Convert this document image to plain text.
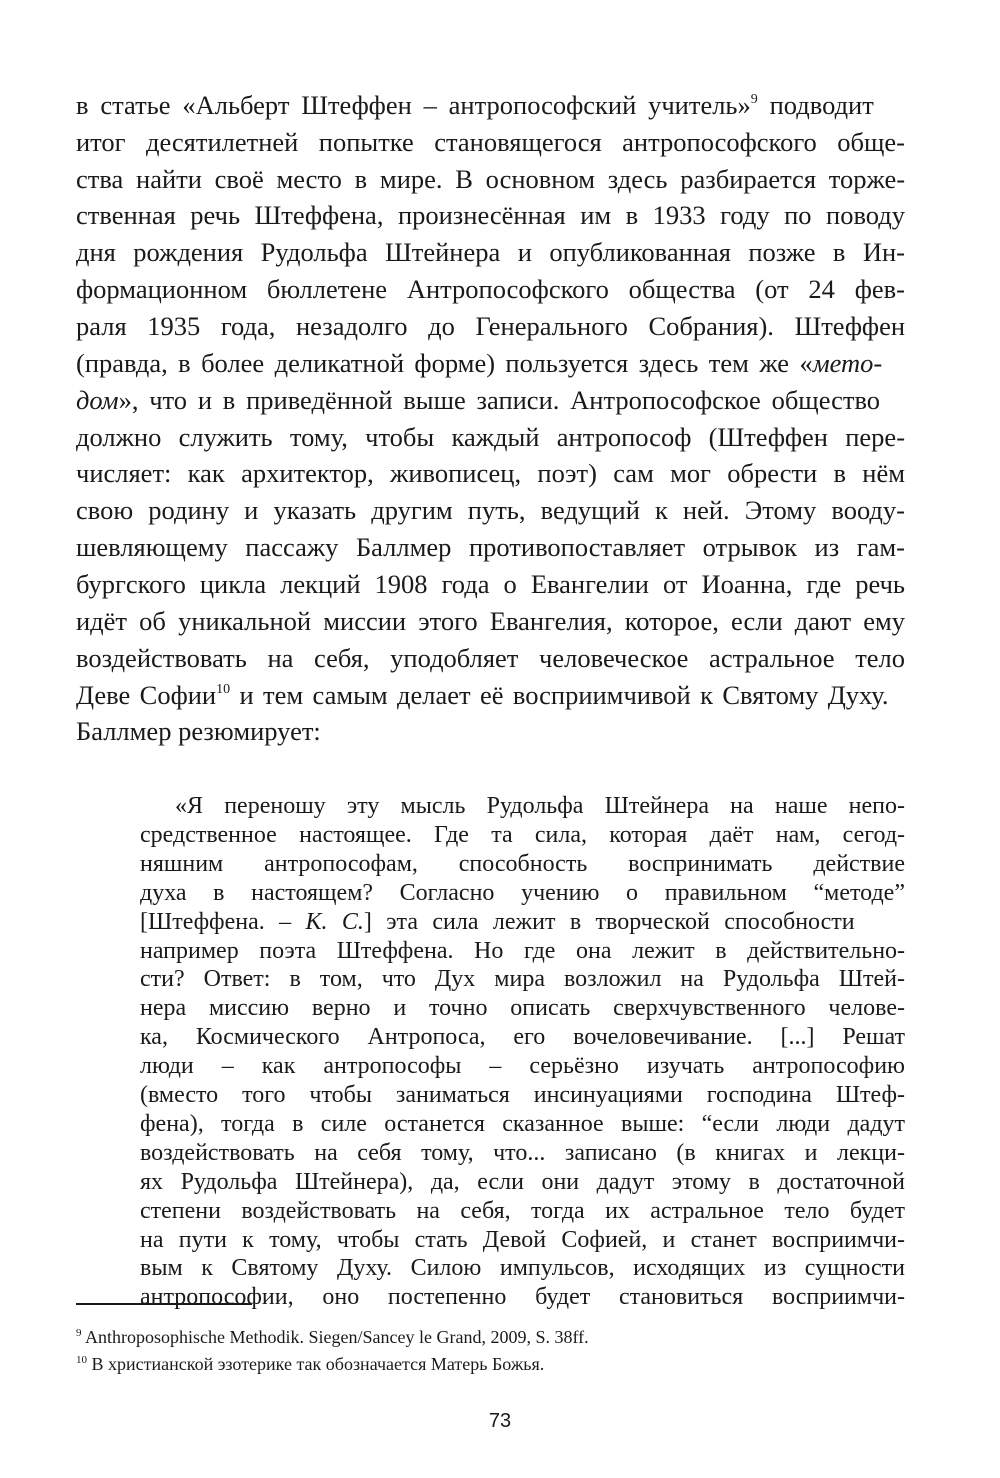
в статье «Альберт Штеффен – антропософский учитель»$^9$ подводит
итог десятилетней попытке становящегося антропософского обще-
ства найти своё место в мире. В основном здесь разбирается торже-
ственная речь Штеффена, произнесённая им в 1933 году по поводу
дня рождения Рудольфа Штейнера и опубликованная позже в Ин-
формационном бюллетене Антропософского общества (от 24 фев-
раля 1935 года, незадолго до Генерального Собрания). Штеффен
(правда, в более деликатной форме) пользуется здесь тем же «мето-
дом», что и в приведённой выше записи. Антропософское общество
должно служить тому, чтобы каждый антропософ (Штеффен пере-
числяет: как архитектор, живописец, поэт) сам мог обрести в нём
свою родину и указать другим путь, ведущий к ней. Этому вооду-
шевляющему пассажу Баллмер противопоставляет отрывок из гам-
бургского цикла лекций 1908 года о Евангелии от Иоанна, где речь
идёт об уникальной миссии этого Евангелия, которое, если дают ему
воздействовать на себя, уподобляет человеческое астральное тело
Деве Софии$^{10}$ и тем самым делает её восприимчивой к Святому Духу.
Баллмер резюмирует:
«Я переношу эту мысль Рудольфа Штейнера на наше непо-
средственное настоящее. Где та сила, которая даёт нам, сегод-
няшним антропософам, способность воспринимать действие
духа в настоящем? Согласно учению о правильном “методе”
[Штеффена. – К. С.] эта сила лежит в творческой способности
например поэта Штеффена. Но где она лежит в действительно-
сти? Ответ: в том, что Дух мира возложил на Рудольфа Штей-
нера миссию верно и точно описать сверхчувственного челове-
ка, Космического Антропоса, его вочеловечивание. [...] Решат
люди – как антропософы – серьёзно изучать антропософию
(вместо того чтобы заниматься инсинуациями господина Штеф-
фена), тогда в силе останется сказанное выше: “если люди дадут
воздействовать на себя тому, что... записано (в книгах и лекци-
$^9$ Anthroposophische Methodik. Siegen/Sancey le Grand, 2009, S. 38ff.
$^{10}$ В христианской эзотерике так обозначается Матерь Божья.
73
ях Рудольфа Штейнера), да, если они дадут этому в достаточной
степени воздействовать на себя, тогда их астральное тело будет
на пути к тому, чтобы стать Девой Софией, и станет восприимчи-
вым к Святому Духу. Силою импульсов, исходящих из сущности
антропософии, оно постепенно будет становиться восприимчи-
